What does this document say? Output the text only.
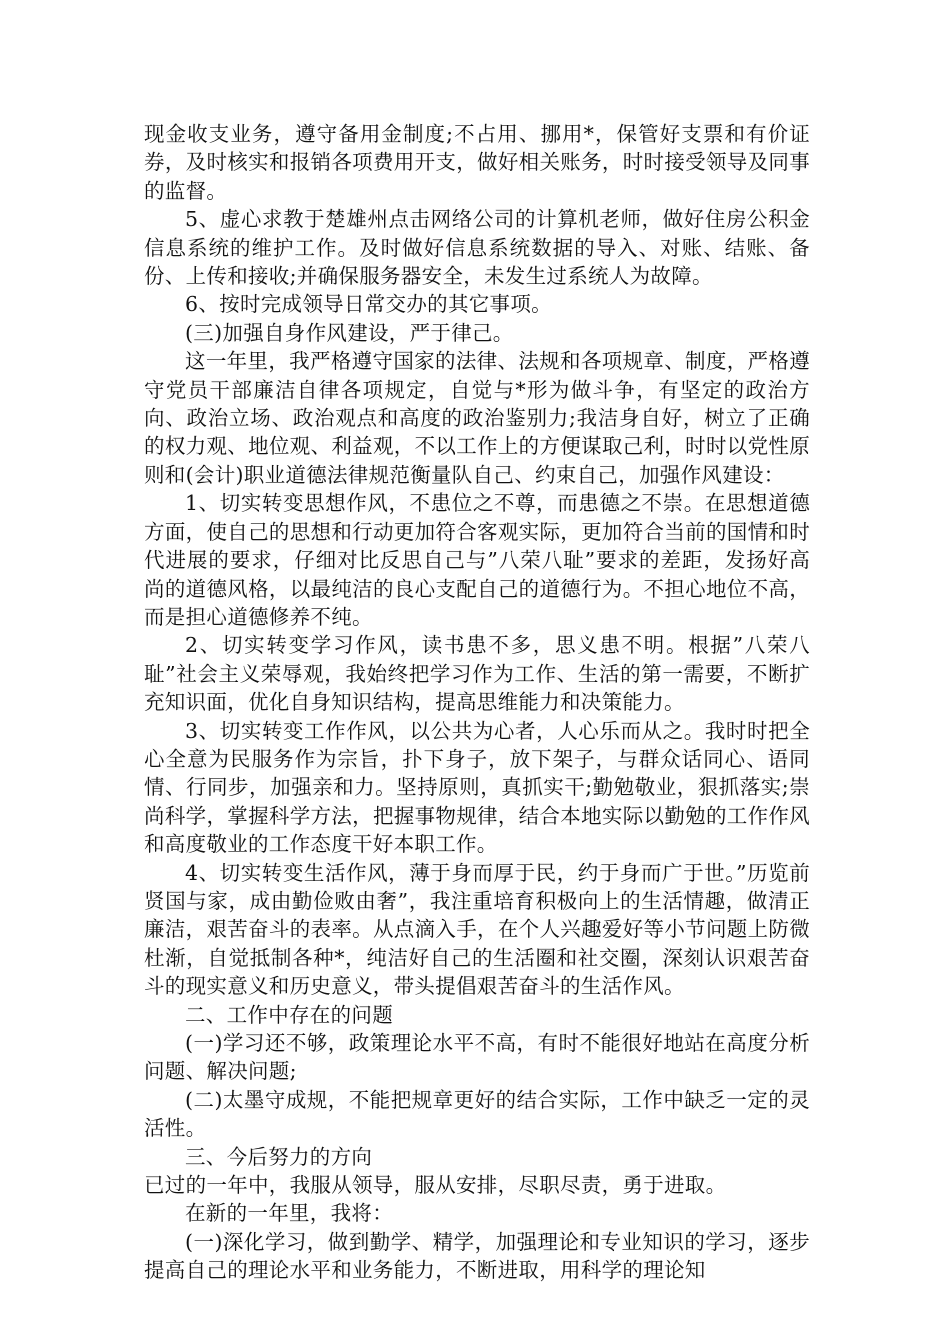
现金收支业务，遵守备用金制度;不占用、挪用*，保管好支票和有价证券，及时核实和报销各项费用开支，做好相关账务，时时接受领导及同事的监督。

5、虚心求教于楚雄州点击网络公司的计算机老师，做好住房公积金信息系统的维护工作。及时做好信息系统数据的导入、对账、结账、备份、上传和接收;并确保服务器安全，未发生过系统人为故障。

6、按时完成领导日常交办的其它事项。

(三)加强自身作风建设，严于律己。

这一年里，我严格遵守国家的法律、法规和各项规章、制度，严格遵守党员干部廉洁自律各项规定，自觉与*形为做斗争，有坚定的政治方向、政治立场、政治观点和高度的政治鉴别力;我洁身自好，树立了正确的权力观、地位观、利益观，不以工作上的方便谋取己利，时时以党性原则和(会计)职业道德法律规范衡量队自己、约束自己，加强作风建设：

1、切实转变思想作风，不患位之不尊，而患德之不崇。在思想道德方面，使自己的思想和行动更加符合客观实际，更加符合当前的国情和时代进展的要求，仔细对比反思自己与”八荣八耻”要求的差距，发扬好高尚的道德风格，以最纯洁的良心支配自己的道德行为。不担心地位不高，而是担心道德修养不纯。

2、切实转变学习作风，读书患不多，思义患不明。根据”八荣八耻”社会主义荣辱观，我始终把学习作为工作、生活的第一需要，不断扩充知识面，优化自身知识结构，提高思维能力和决策能力。

3、切实转变工作作风，以公共为心者，人心乐而从之。我时时把全心全意为民服务作为宗旨，扑下身子，放下架子，与群众话同心、语同情、行同步，加强亲和力。坚持原则，真抓实干;勤勉敬业，狠抓落实;崇尚科学，掌握科学方法，把握事物规律，结合本地实际以勤勉的工作作风和高度敬业的工作态度干好本职工作。

4、切实转变生活作风，薄于身而厚于民，约于身而广于世。”历览前贤国与家，成由勤俭败由奢”，我注重培育积极向上的生活情趣，做清正廉洁，艰苦奋斗的表率。从点滴入手，在个人兴趣爱好等小节问题上防微杜渐，自觉抵制各种*，纯洁好自己的生活圈和社交圈，深刻认识艰苦奋斗的现实意义和历史意义，带头提倡艰苦奋斗的生活作风。

二、工作中存在的问题

(一)学习还不够，政策理论水平不高，有时不能很好地站在高度分析问题、解决问题;

(二)太墨守成规，不能把规章更好的结合实际，工作中缺乏一定的灵活性。

三、今后努力的方向

已过的一年中，我服从领导，服从安排，尽职尽责，勇于进取。

在新的一年里，我将：

(一)深化学习，做到勤学、精学，加强理论和专业知识的学习，逐步提高自己的理论水平和业务能力，不断进取，用科学的理论知
